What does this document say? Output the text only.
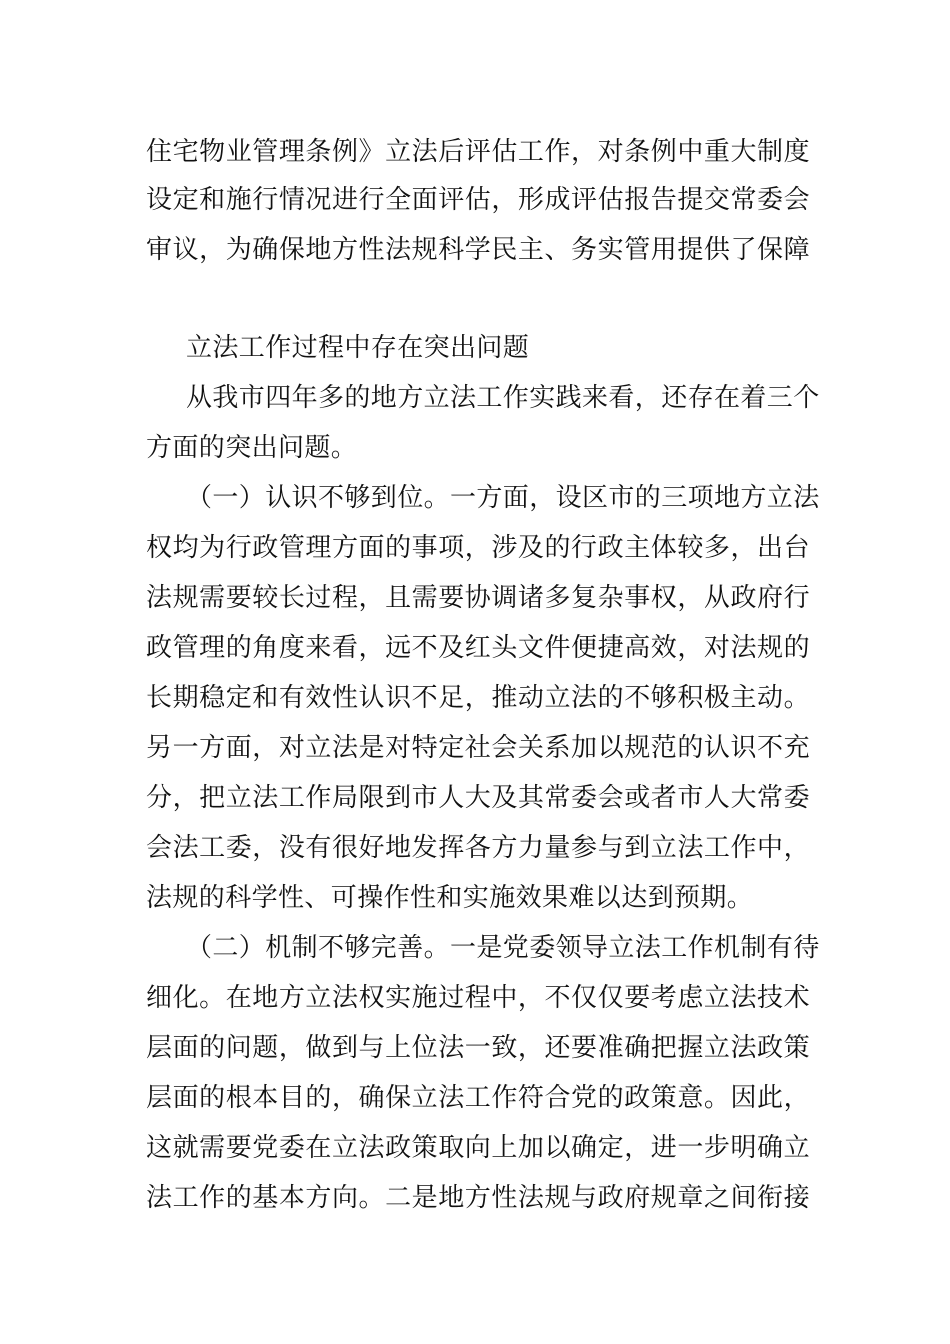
住宅物业管理条例》立法后评估工作，对条例中重大制度
设定和施行情况进行全面评估，形成评估报告提交常委会
审议，为确保地方性法规科学民主、务实管用提供了保障
立法工作过程中存在突出问题
从我市四年多的地方立法工作实践来看，还存在着三个
方面的突出问题。
（一）认识不够到位。一方面，设区市的三项地方立法
权均为行政管理方面的事项，涉及的行政主体较多，出台
法规需要较长过程，且需要协调诸多复杂事权，从政府行
政管理的角度来看，远不及红头文件便捷高效，对法规的
长期稳定和有效性认识不足，推动立法的不够积极主动。
另一方面，对立法是对特定社会关系加以规范的认识不充
分，把立法工作局限到市人大及其常委会或者市人大常委
会法工委，没有很好地发挥各方力量参与到立法工作中，
法规的科学性、可操作性和实施效果难以达到预期。
（二）机制不够完善。一是党委领导立法工作机制有待
细化。在地方立法权实施过程中，不仅仅要考虑立法技术
层面的问题，做到与上位法一致，还要准确把握立法政策
层面的根本目的，确保立法工作符合党的政策意。因此，
这就需要党委在立法政策取向上加以确定，进一步明确立
法工作的基本方向。二是地方性法规与政府规章之间衔接
